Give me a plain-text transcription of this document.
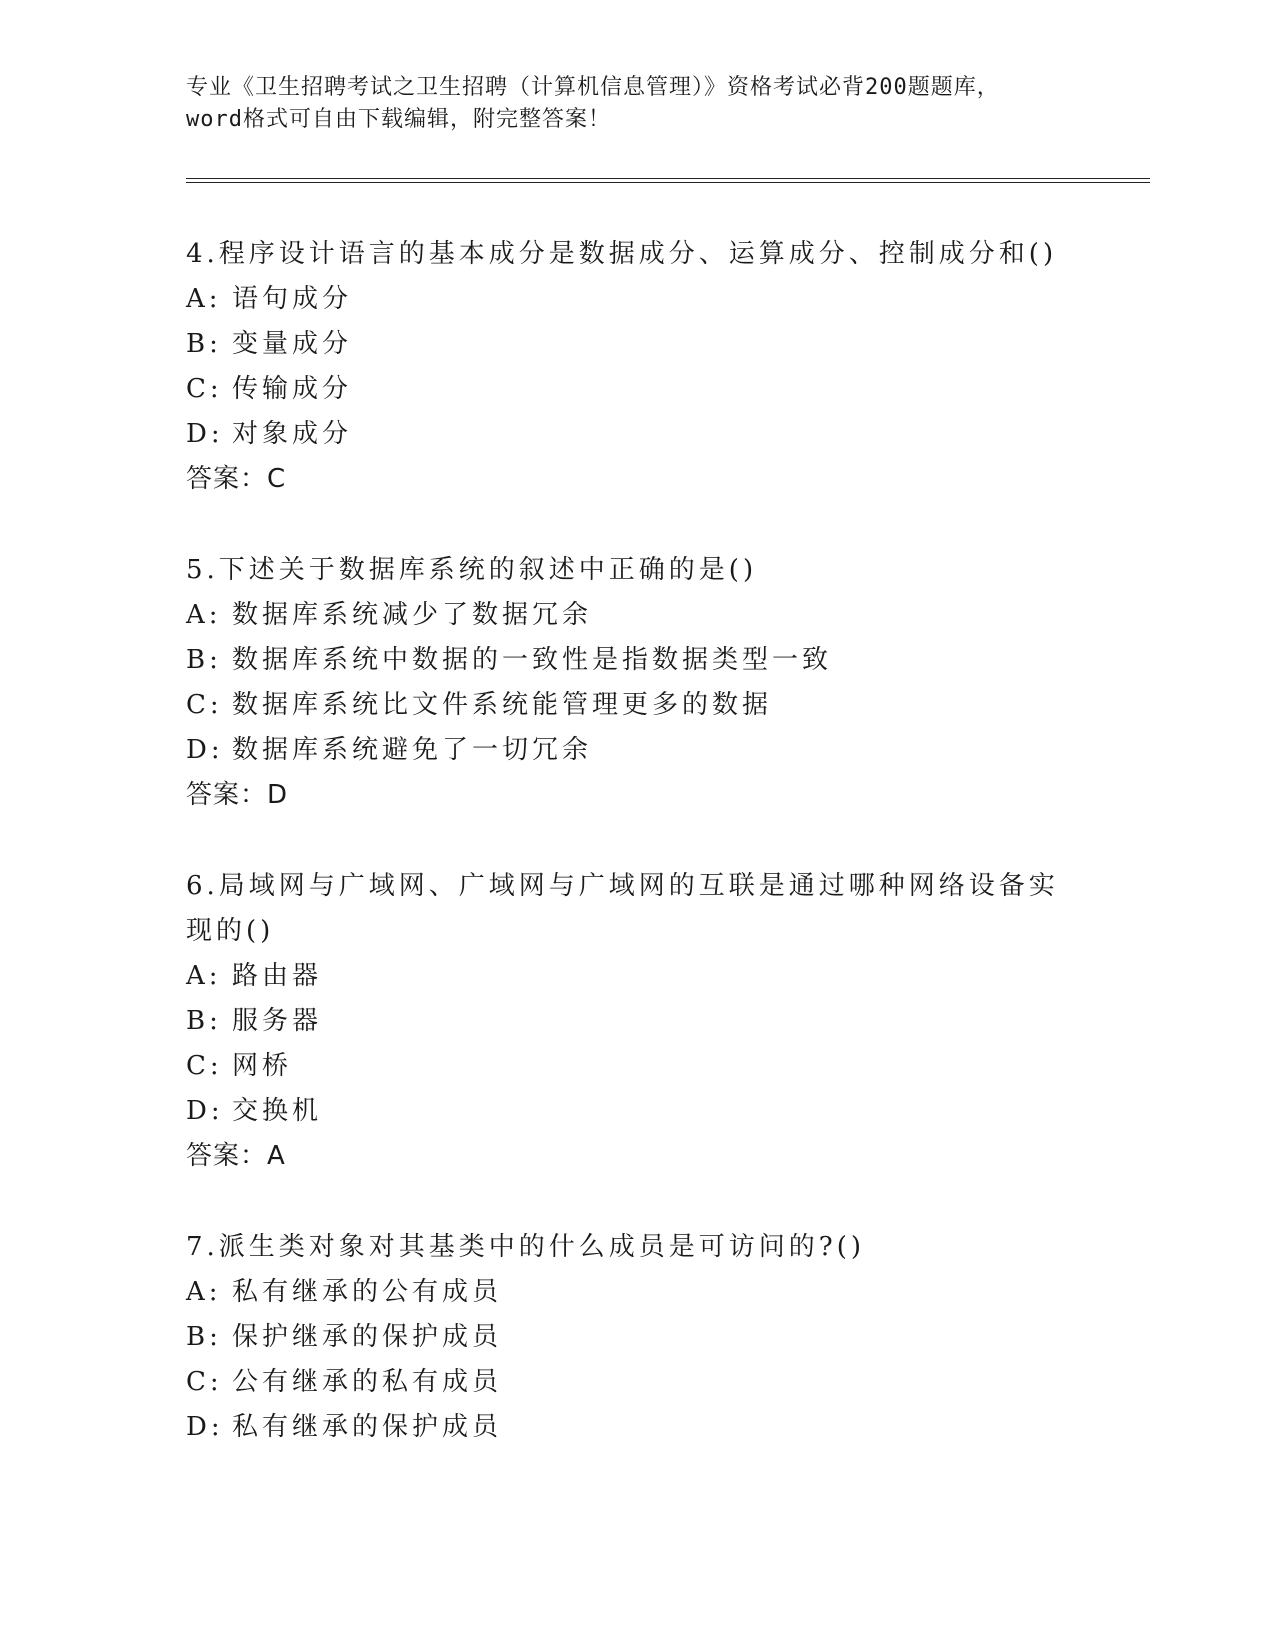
专业《卫生招聘考试之卫生招聘（计算机信息管理）》资格考试必背200题题库，
word格式可自由下载编辑，附完整答案！
4.程序设计语言的基本成分是数据成分、运算成分、控制成分和()
A: 语句成分
B: 变量成分
C: 传输成分
D: 对象成分
答案：C
5.下述关于数据库系统的叙述中正确的是()
A: 数据库系统减少了数据冗余
B: 数据库系统中数据的一致性是指数据类型一致
C: 数据库系统比文件系统能管理更多的数据
D: 数据库系统避免了一切冗余
答案：D
6.局域网与广域网、广域网与广域网的互联是通过哪种网络设备实现的()
A: 路由器
B: 服务器
C: 网桥
D: 交换机
答案：A
7.派生类对象对其基类中的什么成员是可访问的?()
A: 私有继承的公有成员
B: 保护继承的保护成员
C: 公有继承的私有成员
D: 私有继承的保护成员
